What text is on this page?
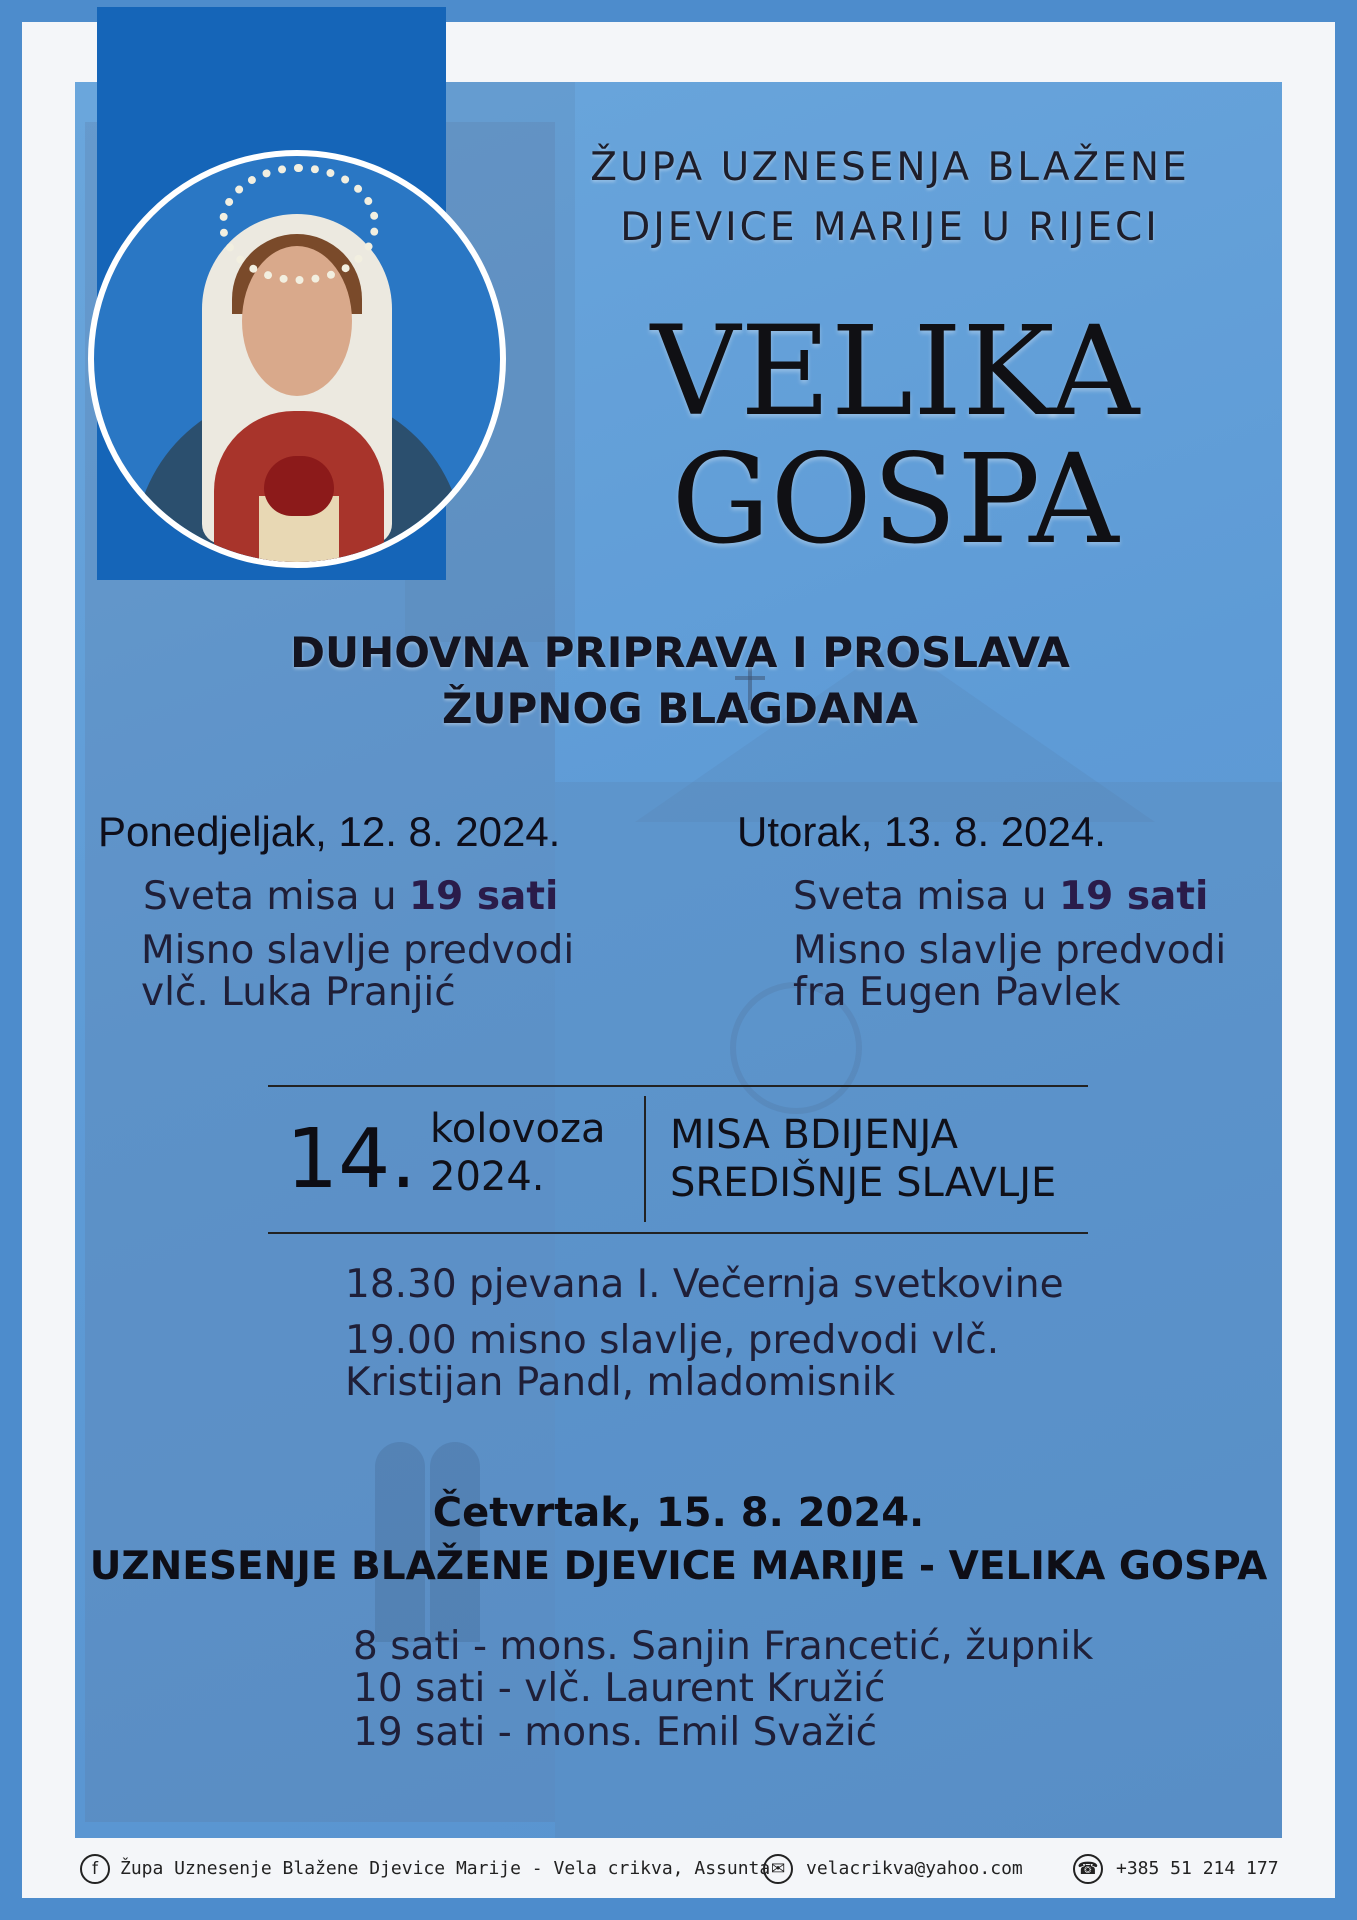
ŽUPA UZNESENJA BLAŽENE
DJEVICE MARIJE U RIJECI
VELIKA
GOSPA
DUHOVNA PRIPRAVA I PROSLAVA
ŽUPNOG BLAGDANA
Ponedjeljak, 12. 8. 2024.
Sveta misa u 19 sati
Misno slavlje predvodi
vlč. Luka Pranjić
Utorak, 13. 8. 2024.
Sveta misa u 19 sati
Misno slavlje predvodi
fra Eugen Pavlek
14. kolovoza
2024.
MISA BDIJENJA
SREDIŠNJE SLAVLJE
18.30 pjevana I. Večernja svetkovine
19.00 misno slavlje, predvodi vlč.
Kristijan Pandl, mladomisnik
Četvrtak, 15. 8. 2024.
UZNESENJE BLAŽENE DJEVICE MARIJE - VELIKA GOSPA
8 sati - mons. Sanjin Francetić, župnik
10 sati - vlč. Laurent Kružić
19 sati - mons. Emil Svažić
f	Župa Uznesenje Blažene Djevice Marije - Vela crikva, Assunta ✉	velacrikva@yahoo.com	☎ +385 51 214 177
